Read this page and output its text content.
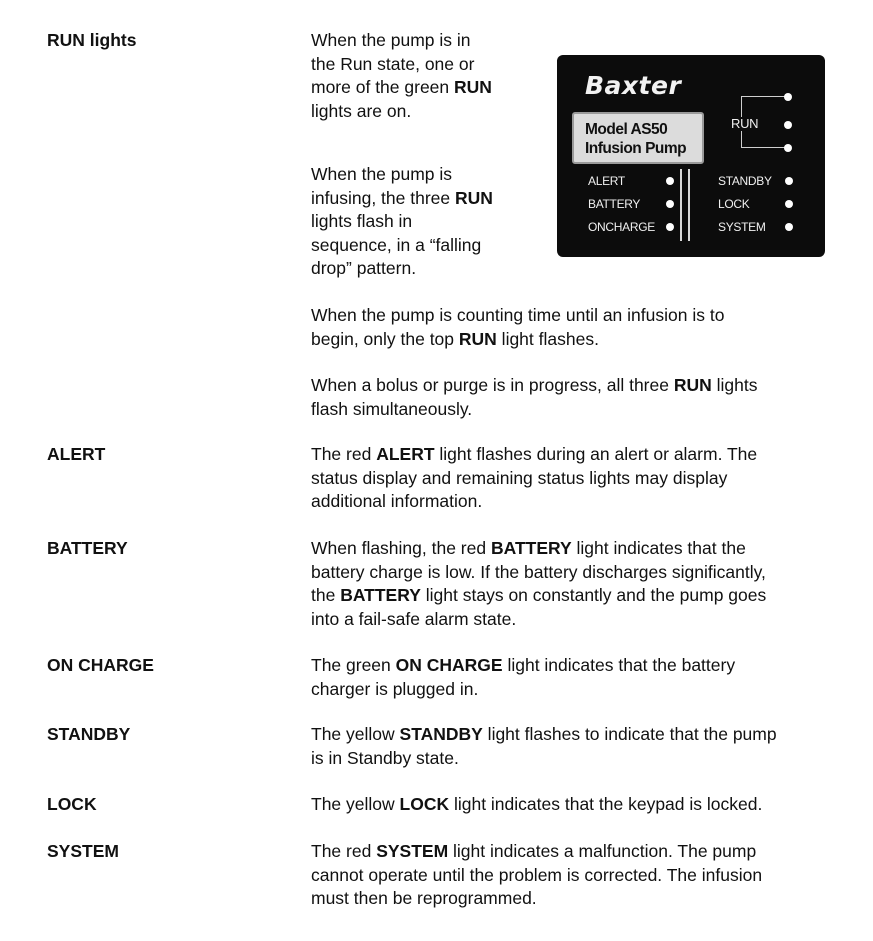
RUN lights	When the pump is in
the Run state, one or
more of the green RUN
lights are on.
When the pump is
infusing, the three RUN
lights flash in
sequence, in a “falling
drop” pattern.
When the pump is counting time until an infusion is to
begin, only the top RUN light flashes.
When a bolus or purge is in progress, all three RUN lights
flash simultaneously.
Baxter
Model AS50
Infusion Pump
RUN
ALERT
BATTERY
ONCHARGE
STANDBY
LOCK
SYSTEM
ALERT	The red ALERT light flashes during an alert or alarm. The
status display and remaining status lights may display
additional information.
BATTERY	When flashing, the red BATTERY light indicates that the
battery charge is low. If the battery discharges significantly,
the BATTERY light stays on constantly and the pump goes
into a fail-safe alarm state.
ON CHARGE	The green ON CHARGE light indicates that the battery
charger is plugged in.
STANDBY	The yellow STANDBY light flashes to indicate that the pump
is in Standby state.
LOCK	The yellow LOCK light indicates that the keypad is locked.
SYSTEM	The red SYSTEM light indicates a malfunction. The pump
cannot operate until the problem is corrected. The infusion
must then be reprogrammed.
